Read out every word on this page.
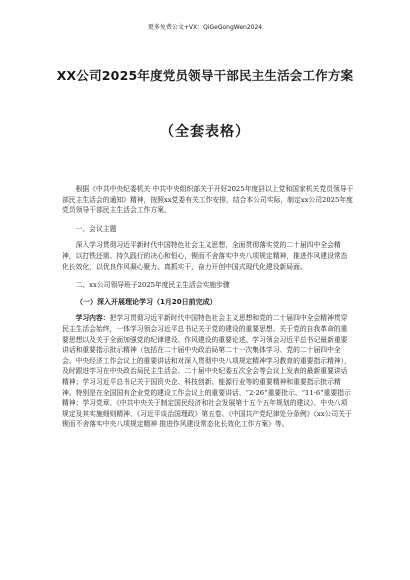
更多免费公文+VX：QiGeGongWen2024
XX公司2025年度党员领导干部民主生活会工作方案
（全套表格）

根据《中共中央纪委机关 中共中央组织部关于开好2025年度县以上党和国家机关党员领导干部民主生活会的通知》精神，按照xx党委有关工作安排，结合本公司实际，制定xx公司2025年度党员领导干部民主生活会工作方案。

一、会议主题

深入学习贯彻习近平新时代中国特色社会主义思想，全面贯彻落实党的二十届四中全会精神，以打铁还需、持久践行的决心和恒心，锲而不舍落实中央八项规定精神，推进作风建设常态化长效化，以优良作风凝心聚力、真抓实干，奋力开创中国式现代化建设新局面。

二、xx公司领导班子2025年度民主生活会实施步骤

（一）深入开展理论学习（1月20日前完成）

学习内容：把学习贯彻习近平新时代中国特色社会主义思想和党的二十届四中全会精神贯穿民主生活会始终，一体学习领会习近平总书记关于党的建设的重要思想、关于党的自我革命的重要思想以及关于全面加强党的纪律建设、作风建设的重要论述。学习领会习近平总书记最新重要讲话和重要指示批示精神（包括在二十届中央政治局第二十一次集体学习、党的二十届四中全会、中央经济工作会议上的重要讲话和对深入贯彻中央八项规定精神学习教育的重要指示精神），及时跟进学习在中央政治局民主生活会、二十届中央纪委五次全会等会议上发表的最新重要讲话精神；学习习近平总书记关于国资央企、科技创新、能源行业等的重要精神和重要指示批示精神。特别是在全国国有企业党的建设工作会议上的重要讲话、“2·26”重要批示、“11·6”重要指示精神；学习党章、《中共中央关于制定国民经济和社会发展第十五个五年规划的建议》、中央八项规定及其实施细则精神、《习近平谈治国理政》第五卷、《中国共产党纪律处分条例》《xx公司关于锲而不舍落实中央八项规定精神 推进作风建设常态化长效化工作方案》等。
